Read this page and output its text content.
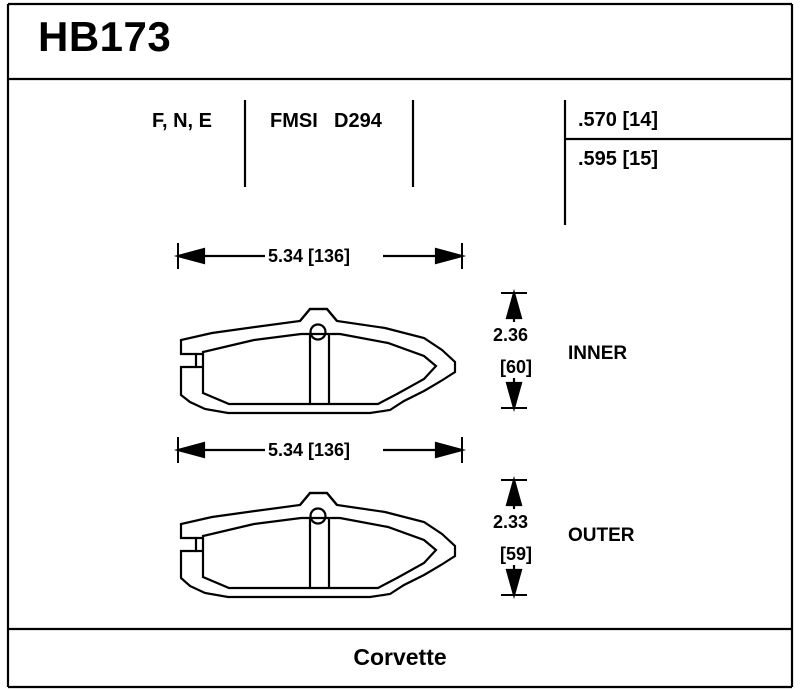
HB173
F, N, E	FMSI D294	.570 [14]
.595 [15]
5.34 [136]
5.34 [136]
2.36
[60]
2.33
[59]
INNER
OUTER
Corvette
